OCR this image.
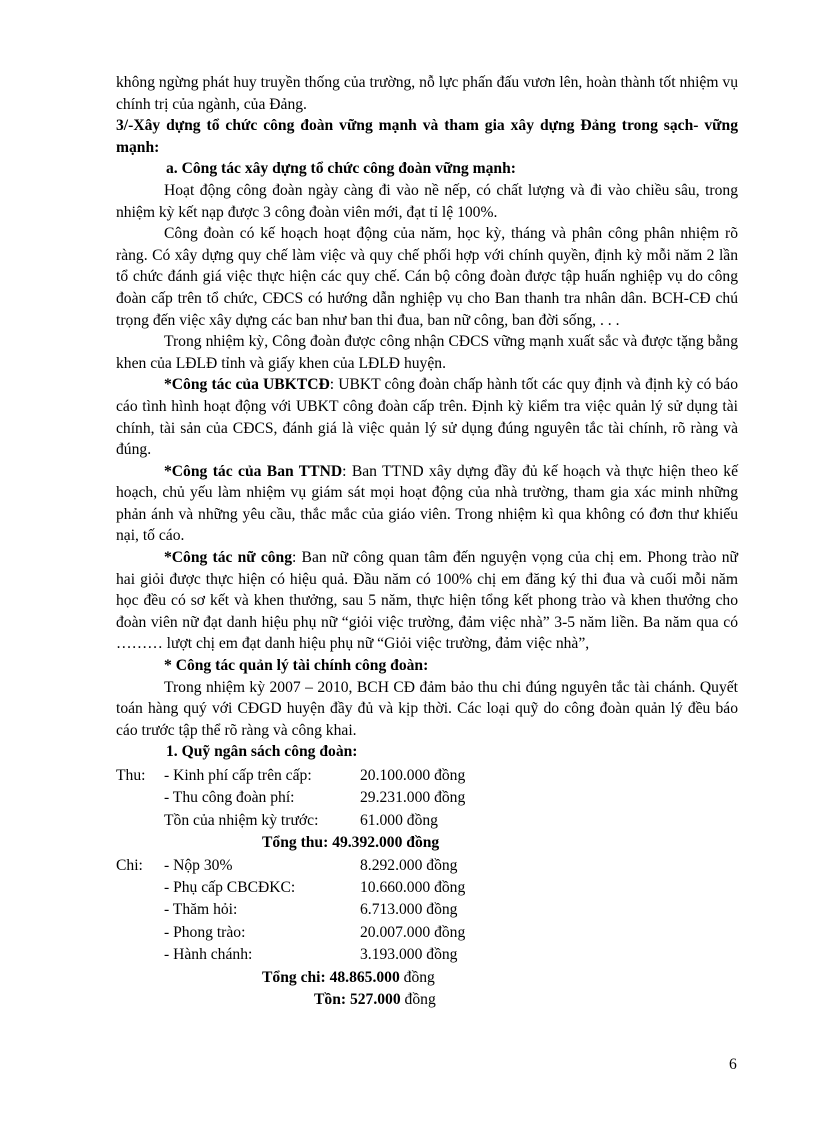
không ngừng phát huy truyền thống của trường, nỗ lực phấn đấu vươn lên, hoàn thành tốt nhiệm vụ chính trị của ngành, của Đảng.

3/-Xây dựng tổ chức công đoàn vững mạnh và tham gia xây dựng Đảng trong sạch- vững mạnh:

a. Công tác xây dựng tổ chức công đoàn vững mạnh:

Hoạt động công đoàn ngày càng đi vào nề nếp, có chất lượng và đi vào chiều sâu, trong nhiệm kỳ kết nạp được 3 công đoàn viên mới, đạt tỉ lệ 100%.

Công đoàn có kế hoạch hoạt động của năm, học kỳ, tháng và phân công phân nhiệm rõ ràng. Có xây dựng quy chế làm việc và quy chế phối hợp với chính quyền, định kỳ mỗi năm 2 lần tổ chức đánh giá việc thực hiện các quy chế. Cán bộ công đoàn được tập huấn nghiệp vụ do công đoàn cấp trên tổ chức, CĐCS có hướng dẫn nghiệp vụ cho Ban thanh tra nhân dân. BCH-CĐ chú trọng đến việc xây dựng các ban như ban thi đua, ban nữ công, ban đời sống, . . .

Trong nhiệm kỳ, Công đoàn được công nhận CĐCS vững mạnh xuất sắc và được tặng bằng khen của LĐLĐ tỉnh và giấy khen của LĐLĐ huyện.

*Công tác của UBKTCĐ: UBKT công đoàn chấp hành tốt các quy định và định kỳ có báo cáo tình hình hoạt động với UBKT công đoàn cấp trên. Định kỳ kiểm tra việc quản lý sử dụng tài chính, tài sản của CĐCS, đánh giá là việc quản lý sử dụng đúng nguyên tắc tài chính, rõ ràng và đúng.

*Công tác của Ban TTND: Ban TTND xây dựng đầy đủ kế hoạch và thực hiện theo kế hoạch, chủ yếu làm nhiệm vụ giám sát mọi hoạt động của nhà trường, tham gia xác minh những phản ánh và những yêu cầu, thắc mắc của giáo viên. Trong nhiệm kì qua không có đơn thư khiếu nại, tố cáo.

*Công tác nữ công: Ban nữ công quan tâm đến nguyện vọng của chị em. Phong trào nữ hai giỏi được thực hiện có hiệu quả. Đầu năm có 100% chị em đăng ký thi đua và cuối mỗi năm học đều có sơ kết và khen thưởng, sau 5 năm, thực hiện tổng kết phong trào và khen thưởng cho đoàn viên nữ đạt danh hiệu phụ nữ “giỏi việc trường, đảm việc nhà” 3-5 năm liền. Ba năm qua có ……… lượt chị em đạt danh hiệu phụ nữ “Giỏi việc trường, đảm việc nhà”,

* Công tác quản lý tài chính công đoàn:

Trong nhiệm kỳ 2007 – 2010, BCH CĐ đảm bảo thu chi đúng nguyên tắc tài chánh. Quyết toán hàng quý với CĐGD huyện đầy đủ và kịp thời. Các loại quỹ do công đoàn quản lý đều báo cáo trước tập thể rõ ràng và công khai.

1. Quỹ ngân sách công đoàn:

Thu:	- Kinh phí cấp trên cấp:	20.100.000 đồng
- Thu công đoàn phí:	29.231.000 đồng
Tồn của nhiệm kỳ trước:	61.000 đồng
Tổng thu: 49.392.000 đồng
Chi:	- Nộp 30%	8.292.000 đồng
- Phụ cấp CBCĐKC:	10.660.000 đồng
- Thăm hỏi:	6.713.000 đồng
- Phong trào:	20.007.000 đồng
- Hành chánh:	3.193.000 đồng
Tổng chi: 48.865.000 đồng
Tồn: 527.000 đồng
6
